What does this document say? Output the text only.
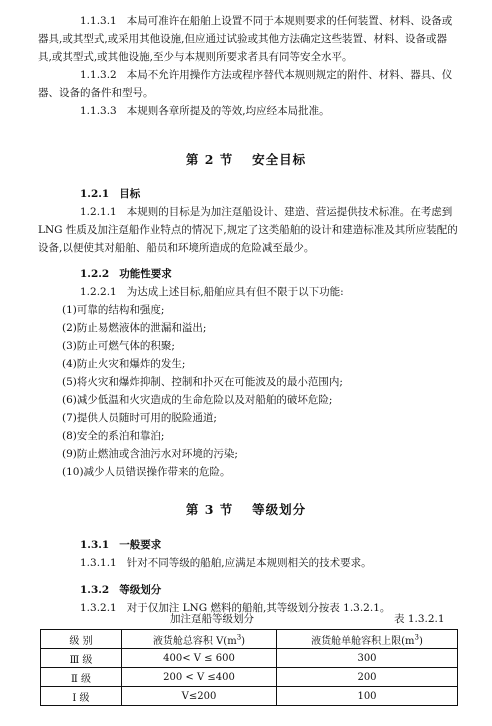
1.1.3.1 本局可准许在船舶上设置不同于本规则要求的任何装置、材料、设备或器具,或其型式,或采用其他设施,但应通过试验或其他方法确定这些装置、材料、设备或器具,或其型式,或其他设施,至少与本规则所要求者具有同等安全水平。

1.1.3.2 本局不允许用操作方法或程序替代本规则规定的附件、材料、器具、仪器、设备的备件和型号。

1.1.3.3 本规则各章所提及的等效,均应经本局批准。

第 2 节　 安全目标

1.2.1 目标

1.2.1.1 本规则的目标是为加注趸船设计、建造、营运提供技术标准。在考虑到 LNG 性质及加注趸船作业特点的情况下,规定了这类船舶的设计和建造标准及其所应装配的设备,以便使其对船舶、船员和环境所造成的危险减至最少。

1.2.2 功能性要求

1.2.2.1 为达成上述目标,船舶应具有但不限于以下功能:

(1)可靠的结构和强度;

(2)防止易燃液体的泄漏和溢出;

(3)防止可燃气体的积聚;

(4)防止火灾和爆炸的发生;

(5)将火灾和爆炸抑制、控制和扑灭在可能波及的最小范围内;

(6)减少低温和火灾造成的生命危险以及对船舶的破坏危险;

(7)提供人员随时可用的脱险通道;

(8)安全的系泊和靠泊;

(9)防止燃油或含油污水对环境的污染;

(10)减少人员错误操作带来的危险。

第 3 节　 等级划分

1.3.1 一般要求

1.3.1.1 针对不同等级的船舶,应满足本规则相关的技术要求。

1.3.2 等级划分

1.3.2.1 对于仅加注 LNG 燃料的船舶,其等级划分按表 1.3.2.1。

加注趸船等级划分	表 1.3.2.1
级 别	液货舱总容积 $V(m^3)$	液货舱单舱容积上限$(m^3)$
Ⅲ 级	400< V ≤ 600	300
Ⅱ 级	200 < V ≤400	200
Ⅰ 级	V≤200	100
